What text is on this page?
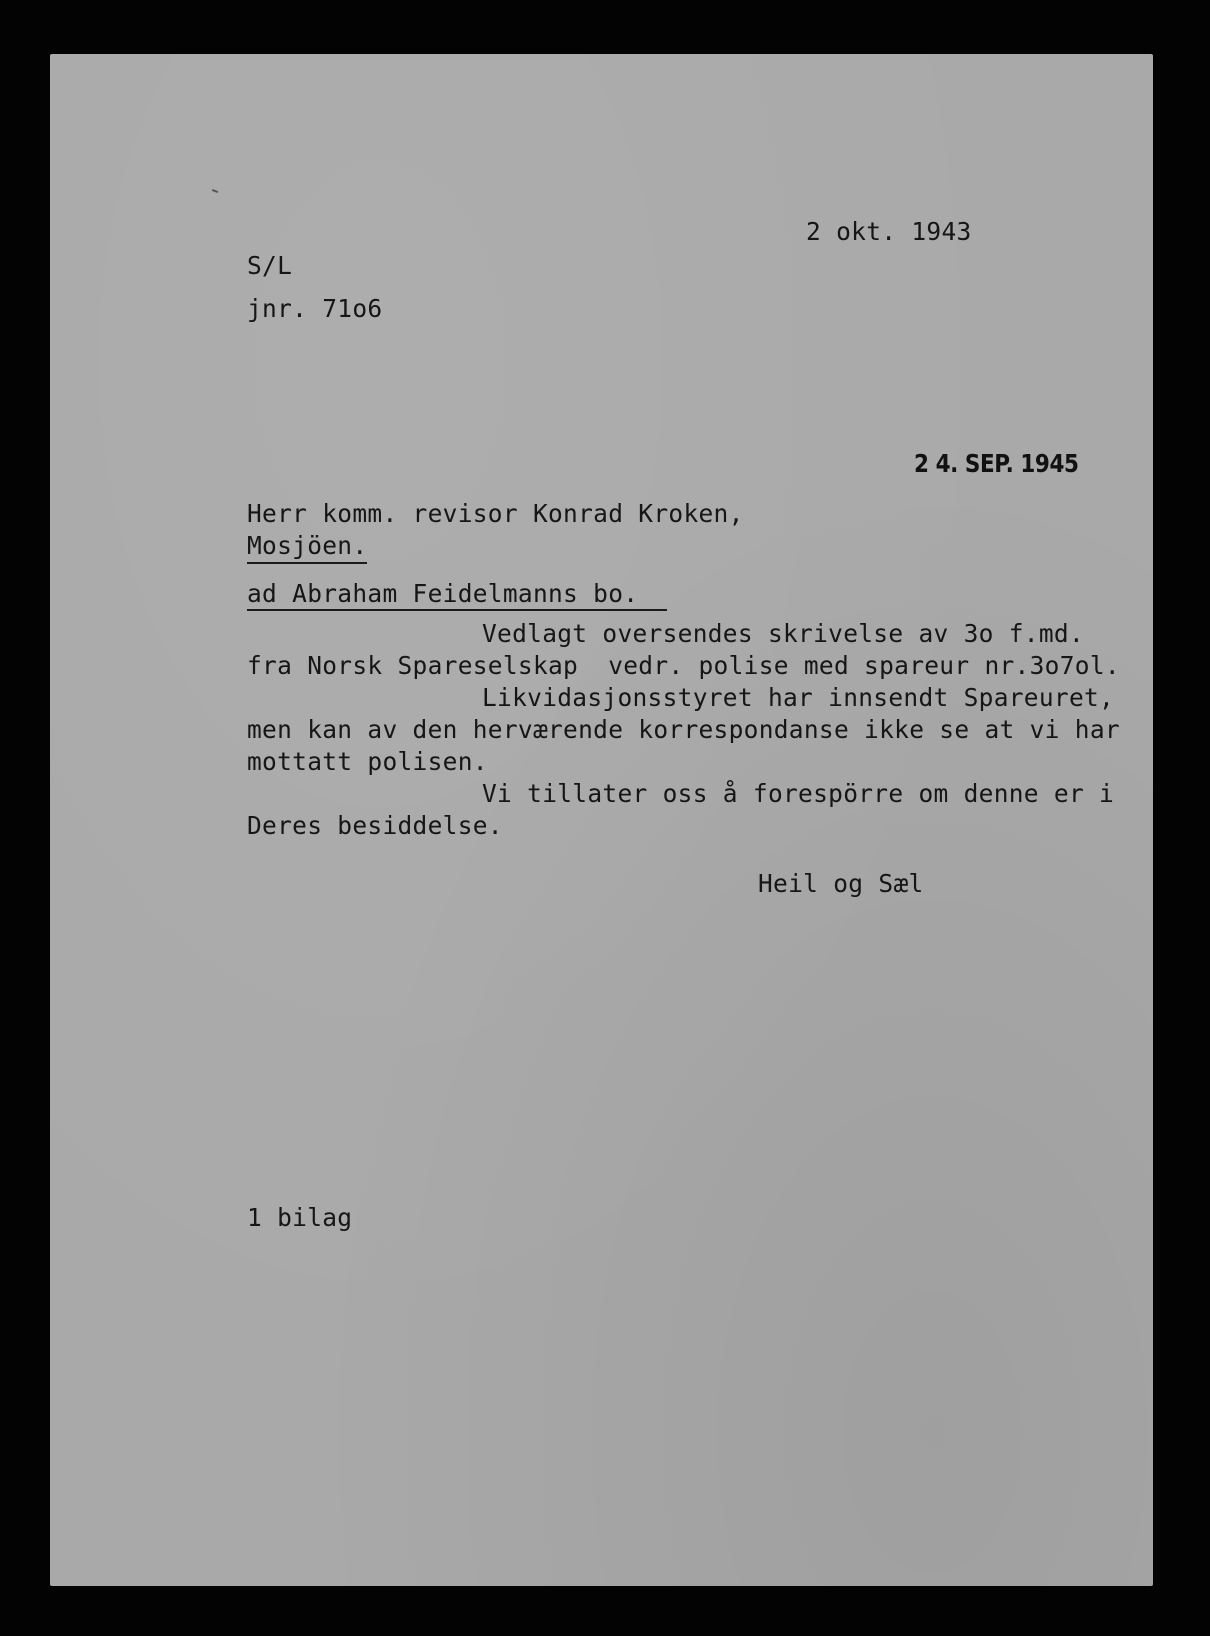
2 okt. 1943
S/L
jnr. 71o6
2 4. SEP. 1945
Herr komm. revisor Konrad Kroken,
Mosjöen.
ad Abraham Feidelmanns bo.
Vedlagt oversendes skrivelse av 3o f.md.
fra Norsk Spareselskap  vedr. polise med spareur nr.3o7ol.
Likvidasjonsstyret har innsendt Spareuret,
men kan av den herværende korrespondanse ikke se at vi har
mottatt polisen.
Vi tillater oss å forespörre om denne er i
Deres besiddelse.
Heil og Sæl
1 bilag
